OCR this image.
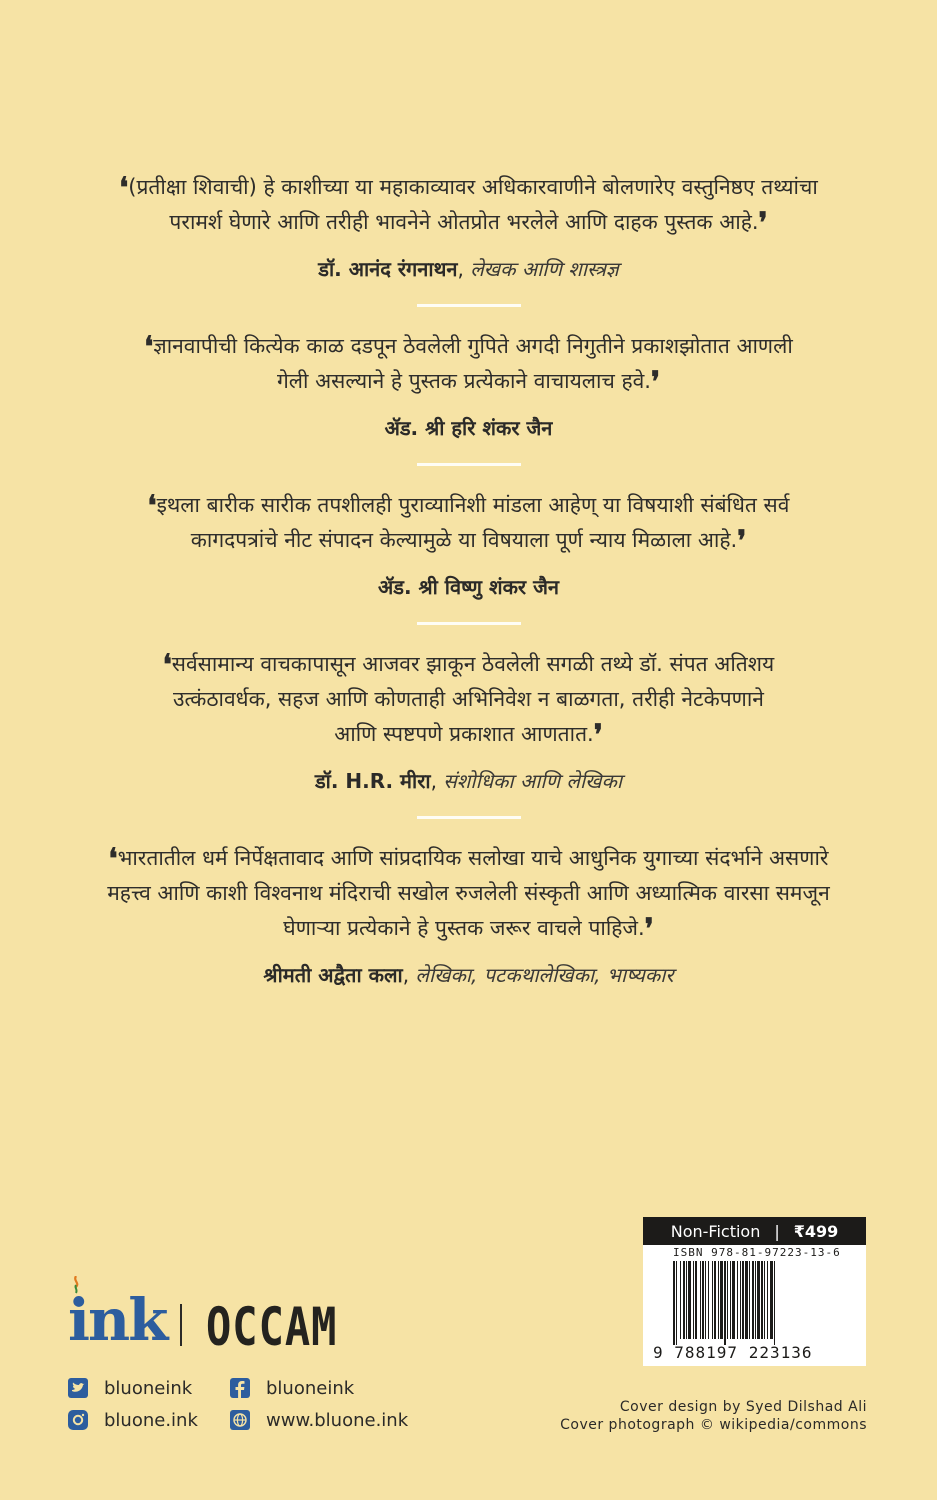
❛(प्रतीक्षा शिवाची) हे काशीच्या या महाकाव्यावर अधिकारवाणीने बोलणारेए वस्तुनिष्ठए तथ्यांचा
परामर्श घेणारे आणि तरीही भावनेने ओतप्रोत भरलेले आणि दाहक पुस्तक आहे.❜

डॉ. आनंद रंगनाथन, लेखक आणि शास्त्रज्ञ

❛ज्ञानवापीची कित्येक काळ दडपून ठेवलेली गुपिते अगदी निगुतीने प्रकाशझोतात आणली
गेली असल्याने हे पुस्तक प्रत्येकाने वाचायलाच हवे.❜

ॲड. श्री हरि शंकर जैन

❛इथला बारीक सारीक तपशीलही पुराव्यानिशी मांडला आहेण् या विषयाशी संबंधित सर्व
कागदपत्रांचे नीट संपादन केल्यामुळे या विषयाला पूर्ण न्याय मिळाला आहे.❜

ॲड. श्री विष्णु शंकर जैन

❛सर्वसामान्य वाचकापासून आजवर झाकून ठेवलेली सगळी तथ्ये डॉ. संपत अतिशय
उत्कंठावर्धक, सहज आणि कोणताही अभिनिवेश न बाळगता, तरीही नेटकेपणाने
आणि स्पष्टपणे प्रकाशात आणतात.❜

डॉ. H.R. मीरा, संशोधिका आणि लेखिका

❛भारतातील धर्म निर्पेक्षतावाद आणि सांप्रदायिक सलोखा याचे आधुनिक युगाच्या संदर्भाने असणारे
महत्त्व आणि काशी विश्वनाथ मंदिराची सखोल रुजलेली संस्कृती आणि अध्यात्मिक वारसा समजून
घेणाऱ्या प्रत्येकाने हे पुस्तक जरूर वाचले पाहिजे.❜

श्रीमती अद्वैता कला, लेखिका, पटकथालेखिका, भाष्यकार
ink OCCAM
bluoneink	bluoneink
bluone.ink	www.bluone.ink
Non-Fiction | ₹499
ISBN 978-81-97223-13-6
9 788197 223136
Cover design by Syed Dilshad Ali
Cover photograph © wikipedia/commons
